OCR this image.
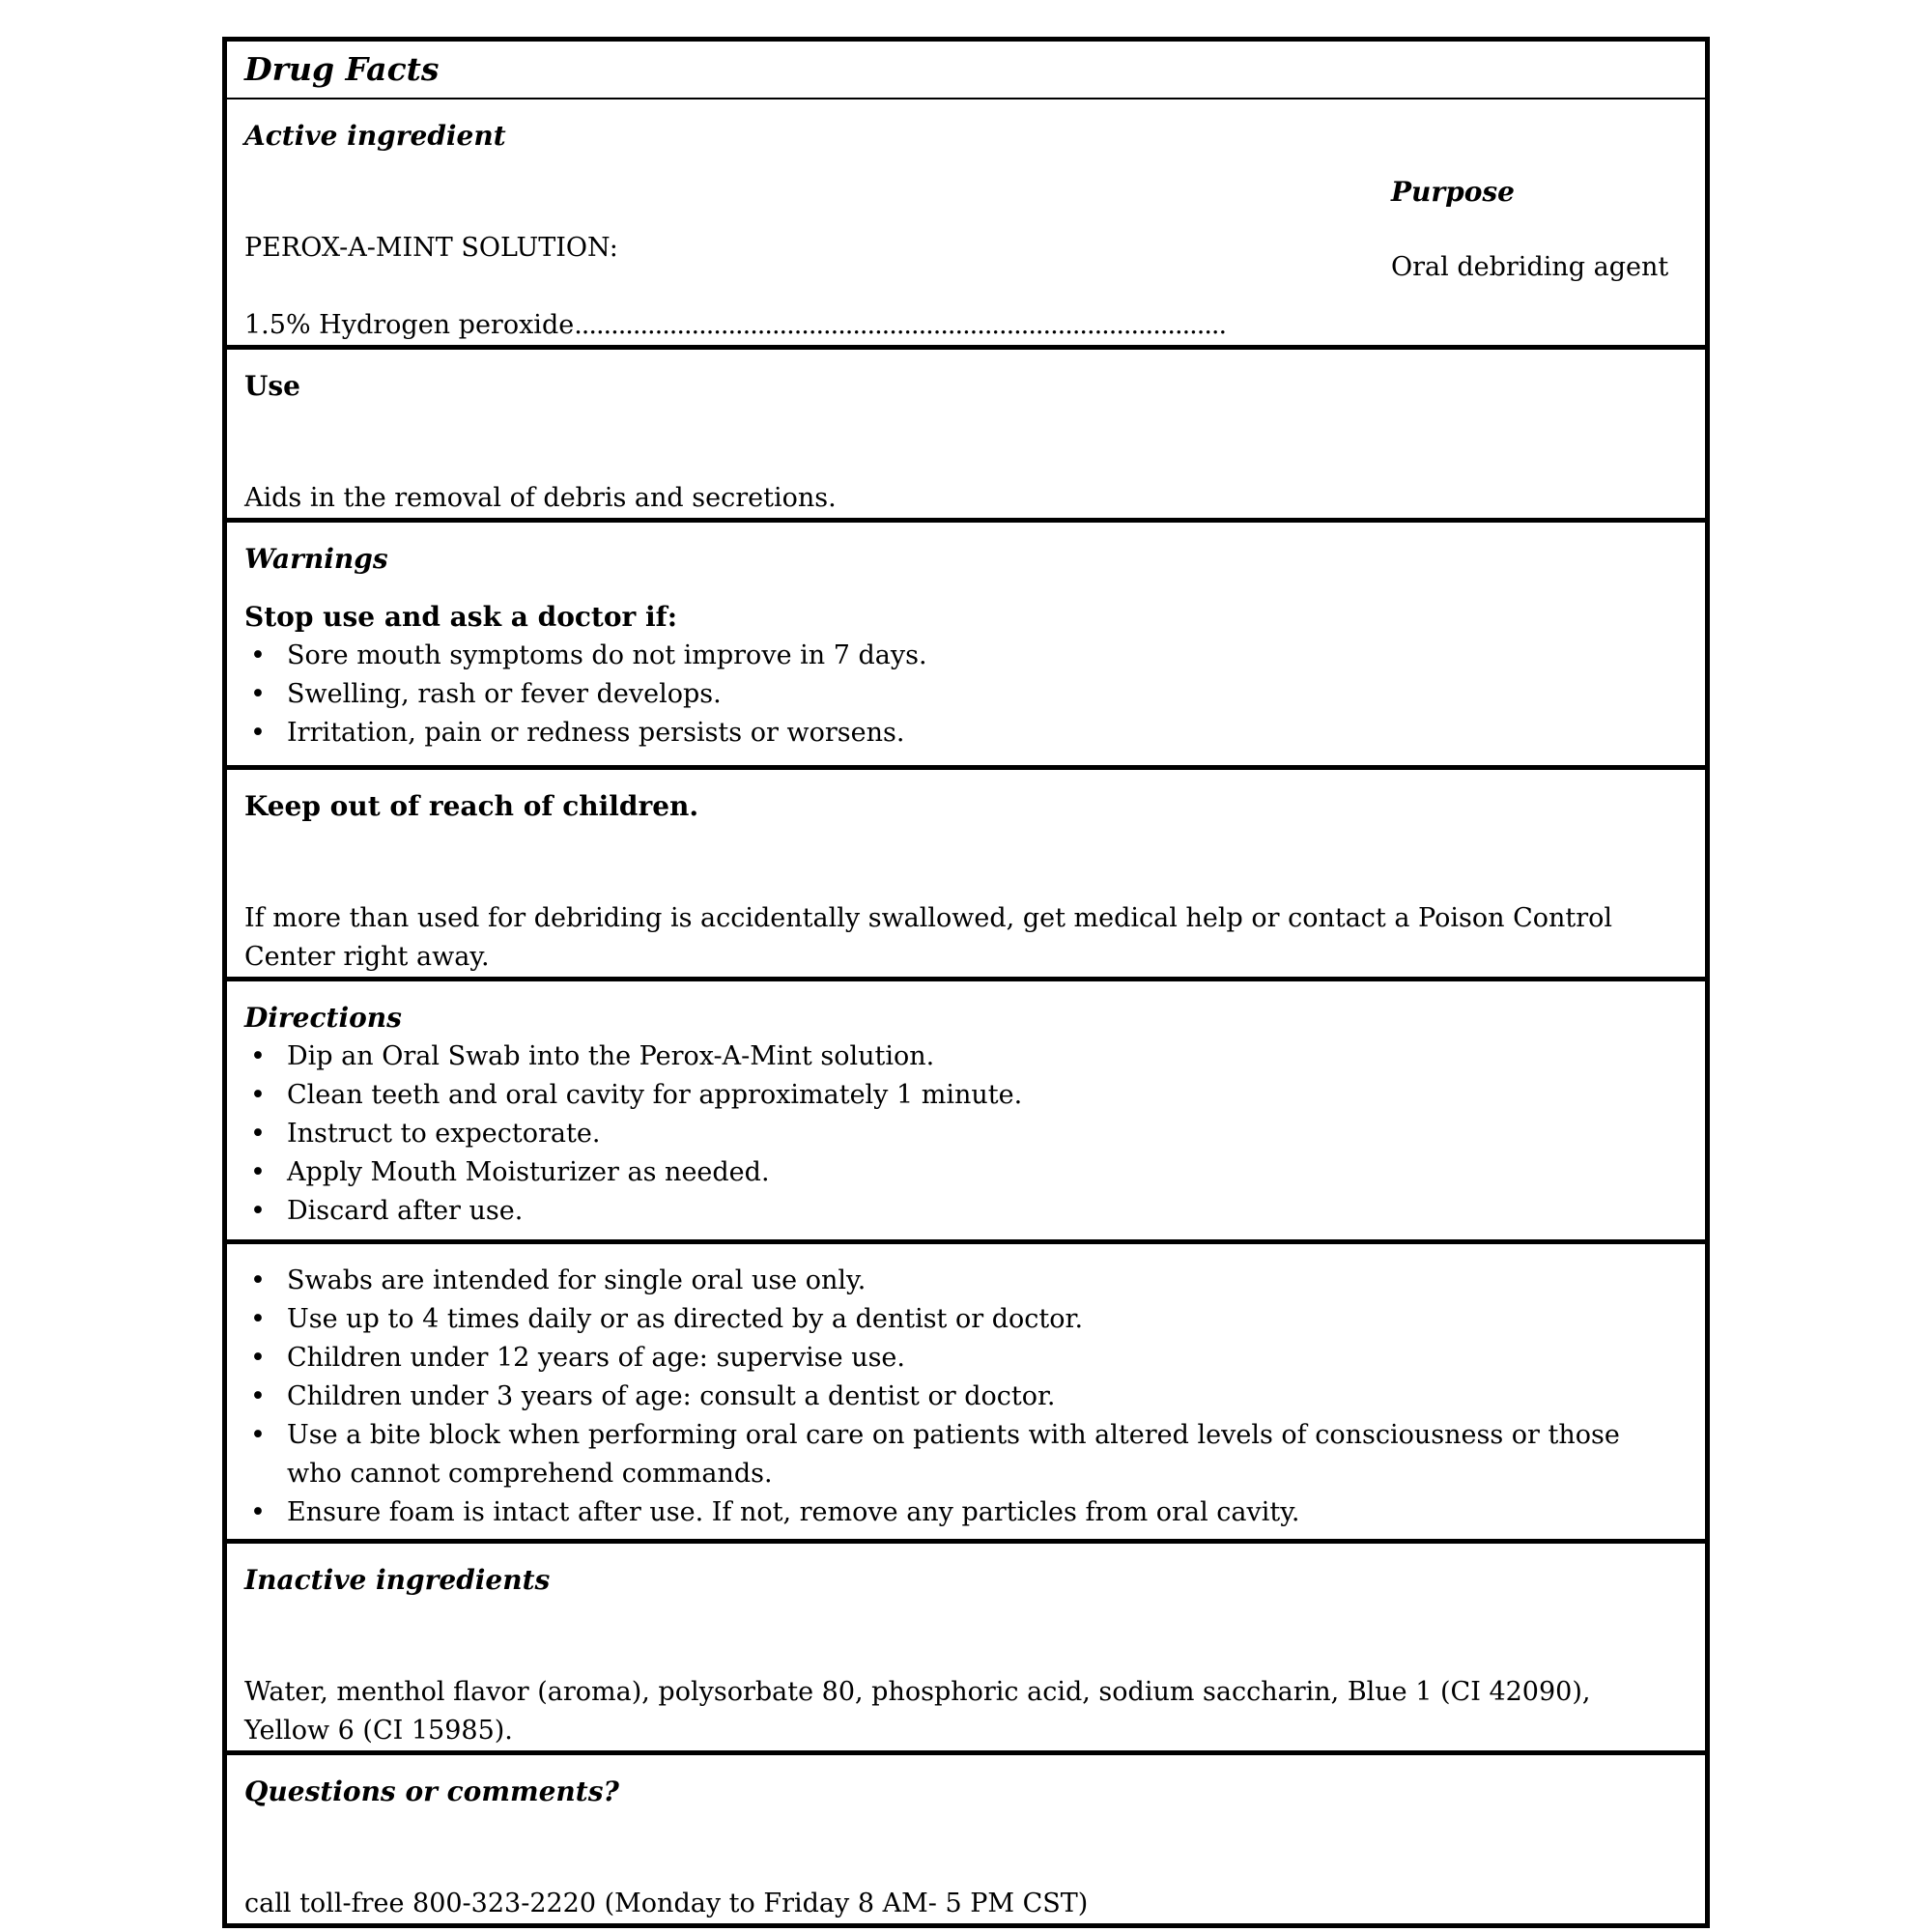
Drug Facts
Active ingredient
Purpose
Oral debriding agent

PEROX-A-MINT SOLUTION:

1.5% Hydrogen peroxide.........................................................................................

Use

Aids in the removal of debris and secretions.

Warnings
Stop use and ask a doctor if:
• Sore mouth symptoms do not improve in 7 days.
• Swelling, rash or fever develops.
• Irritation, pain or redness persists or worsens.
Keep out of reach of children.

If more than used for debriding is accidentally swallowed, get medical help or contact a Poison Control Center right away.

Directions
• Dip an Oral Swab into the Perox-A-Mint solution.
• Clean teeth and oral cavity for approximately 1 minute.
• Instruct to expectorate.
• Apply Mouth Moisturizer as needed.
• Discard after use.
• Swabs are intended for single oral use only.
• Use up to 4 times daily or as directed by a dentist or doctor.
• Children under 12 years of age: supervise use.
• Children under 3 years of age: consult a dentist or doctor.
• Use a bite block when performing oral care on patients with altered levels of consciousness or those who cannot comprehend commands.
• Ensure foam is intact after use. If not, remove any particles from oral cavity.
Inactive ingredients

Water, menthol flavor (aroma), polysorbate 80, phosphoric acid, sodium saccharin, Blue 1 (CI 42090), Yellow 6 (CI 15985).

Questions or comments?

call toll-free 800-323-2220 (Monday to Friday 8 AM- 5 PM CST)
